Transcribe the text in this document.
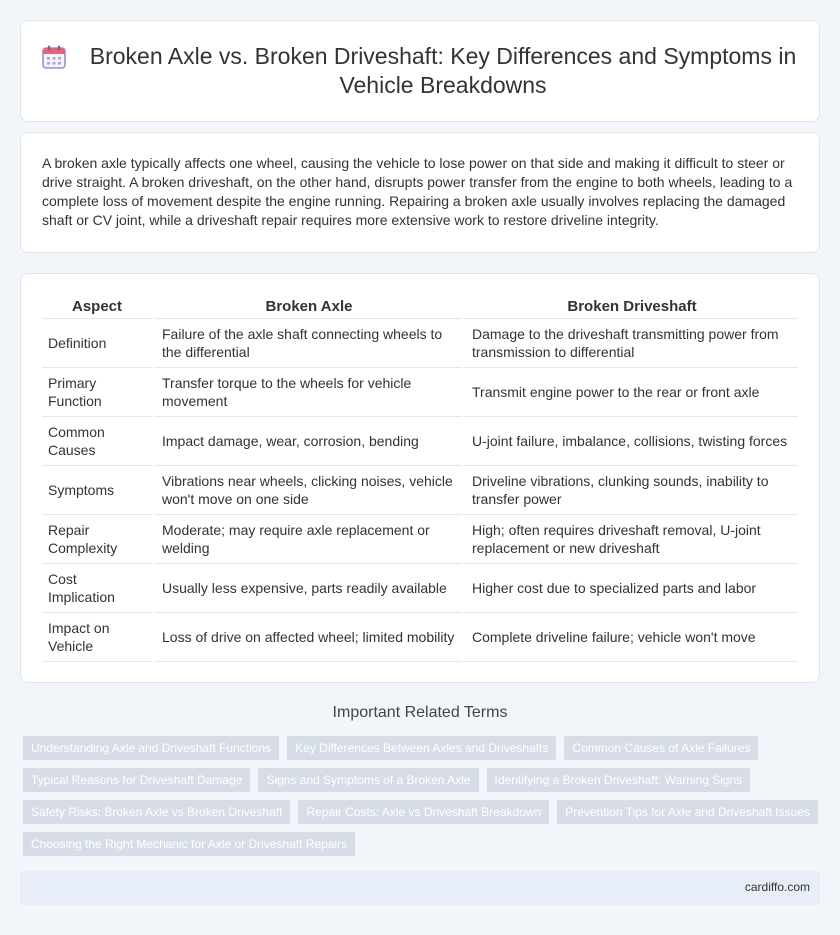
Broken Axle vs. Broken Driveshaft: Key Differences and Symptoms in Vehicle Breakdowns

A broken axle typically affects one wheel, causing the vehicle to lose power on that side and making it difficult to steer or drive straight. A broken driveshaft, on the other hand, disrupts power transfer from the engine to both wheels, leading to a complete loss of movement despite the engine running. Repairing a broken axle usually involves replacing the damaged shaft or CV joint, while a driveshaft repair requires more extensive work to restore driveline integrity.

Aspect	Broken Axle	Broken Driveshaft
Definition	Failure of the axle shaft connecting wheels to the differential	Damage to the driveshaft transmitting power from transmission to differential
Primary Function	Transfer torque to the wheels for vehicle movement	Transmit engine power to the rear or front axle
Common Causes	Impact damage, wear, corrosion, bending	U-joint failure, imbalance, collisions, twisting forces
Symptoms	Vibrations near wheels, clicking noises, vehicle won't move on one side	Driveline vibrations, clunking sounds, inability to transfer power
Repair Complexity	Moderate; may require axle replacement or welding	High; often requires driveshaft removal, U-joint replacement or new driveshaft
Cost Implication	Usually less expensive, parts readily available	Higher cost due to specialized parts and labor
Impact on Vehicle	Loss of drive on affected wheel; limited mobility	Complete driveline failure; vehicle won't move
Important Related Terms
Understanding Axle and Driveshaft Functions	Key Differences Between Axles and Driveshafts	Common Causes of Axle Failures
Typical Reasons for Driveshaft Damage	Signs and Symptoms of a Broken Axle	Identifying a Broken Driveshaft: Warning Signs
Safety Risks: Broken Axle vs Broken Driveshaft	Repair Costs: Axle vs Driveshaft Breakdown	Prevention Tips for Axle and Driveshaft Issues
Choosing the Right Mechanic for Axle or Driveshaft Repairs
cardiffo.com
